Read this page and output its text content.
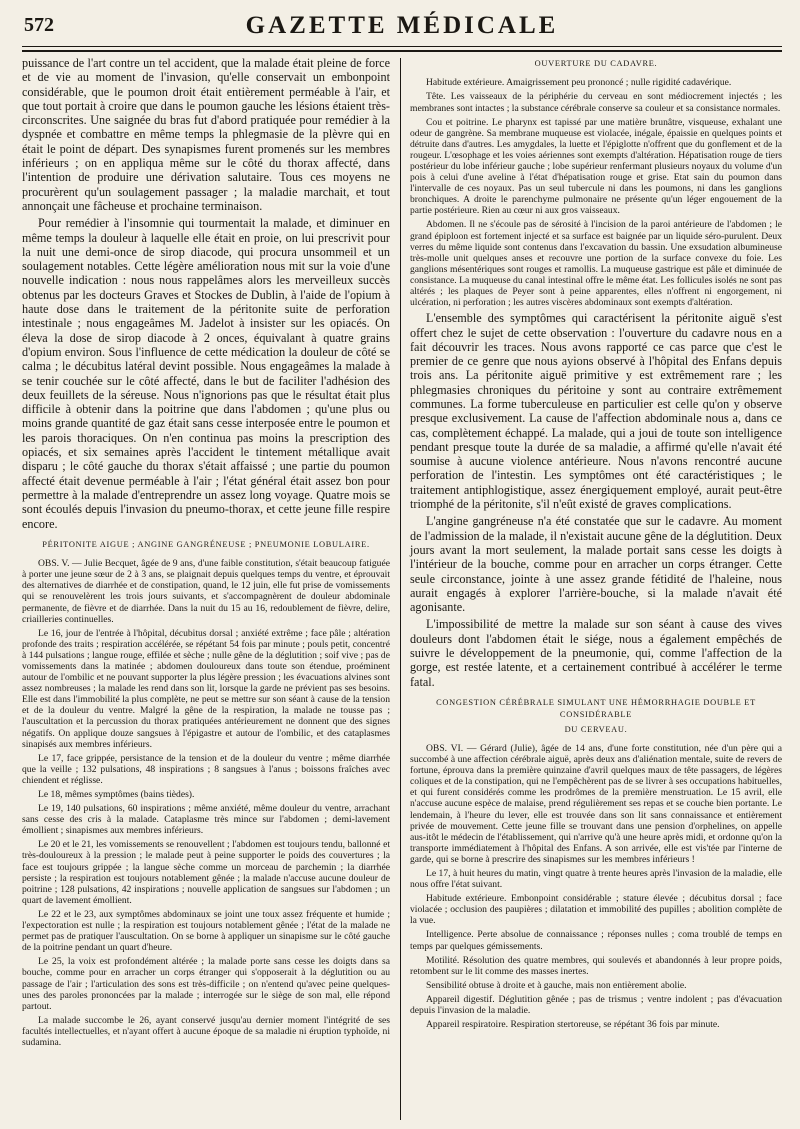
572	GAZETTE MÉDICALE

puissance de l'art contre un tel accident, que la malade était pleine de force et de vie au moment de l'invasion, qu'elle conservait un embonpoint considérable, que le poumon droit était entièrement perméable à l'air, et que tout portait à croire que dans le poumon gauche les lésions étaient très-circonscrites. Une saignée du bras fut d'abord pratiquée pour remédier à la dyspnée et combattre en même temps la phlegmasie de la plèvre qui en était le point de départ. Des synapismes furent promenés sur les membres inférieurs ; on en appliqua même sur le côté du thorax affecté, dans l'intention de produire une dérivation salutaire. Tous ces moyens ne procurèrent qu'un soulagement passager ; la maladie marchait, et tout annonçait une fâcheuse et prochaine terminaison.

Pour remédier à l'insomnie qui tourmentait la malade, et diminuer en même temps la douleur à laquelle elle était en proie, on lui prescrivit pour la nuit une demi-once de sirop diacode, qui procura unsommeil et un soulagement notables. Cette légère amélioration nous mit sur la voie d'une nouvelle indication : nous nous rappelâmes alors les merveilleux succès obtenus par les docteurs Graves et Stockes de Dublin, à l'aide de l'opium à haute dose dans le traitement de la péritonite suite de perforation intestinale ; nous engageâmes M. Jadelot à insister sur les opiacés. On éleva la dose de sirop diacode à 2 onces, équivalant à quatre grains d'opium environ. Sous l'influence de cette médication la douleur de côté se calma ; le décubitus latéral devint possible. Nous engageâmes la malade à se tenir couchée sur le côté affecté, dans le but de faciliter l'adhésion des deux feuillets de la séreuse. Nous n'ignorions pas que le résultat était plus difficile à obtenir dans la poitrine que dans l'abdomen ; qu'une plus ou moins grande quantité de gaz était sans cesse interposée entre le poumon et les parois thoraciques. On n'en continua pas moins la prescription des opiacés, et six semaines après l'accident le tintement métallique avait disparu ; le côté gauche du thorax s'était affaissé ; une partie du poumon affecté était devenue perméable à l'air ; l'état général était assez bon pour permettre à la malade d'entreprendre un assez long voyage. Quatre mois se sont écoulés depuis l'invasion du pneumo-thorax, et cette jeune fille respire encore.

PÉRITONITE AIGUE ; ANGINE GANGRÉNEUSE ; PNEUMONIE LOBULAIRE.

OBS. V. — Julie Becquet, âgée de 9 ans, d'une faible constitution, s'était beaucoup fatiguée à porter une jeune sœur de 2 à 3 ans, se plaignait depuis quelques temps du ventre, et éprouvait des alternatives de diarrhée et de constipation, quand, le 12 juin, elle fut prise de vomissements qui se renouvelèrent les trois jours suivants, et s'accompagnèrent de douleur abdominale permanente, de fièvre et de diarrhée. Dans la nuit du 15 au 16, redoublement de fièvre, delire, criailleries continuelles.

Le 16, jour de l'entrée à l'hôpital, décubitus dorsal ; anxiété extrême ; face pâle ; altération profonde des traits ; respiration accélérée, se répétant 54 fois par minute ; pouls petit, concentré à 144 pulsations ; langue rouge, effilée et sèche ; nulle gêne de la déglutition ; soif vive ; pas de vomissements dans la matinée ; abdomen douloureux dans toute son étendue, proéminent autour de l'ombilic et ne pouvant supporter la plus légère pression ; les évacuations alvines sont assez nombreuses ; la malade les rend dans son lit, lorsque la garde ne prévient pas ses besoins. Elle est dans l'immobilité la plus complète, ne peut se mettre sur son séant à cause de la tension et de la douleur du ventre. Malgré la gêne de la respiration, la malade ne tousse pas ; l'auscultation et la percussion du thorax pratiquées antérieurement ne donnent que des signes négatifs. On applique douze sangsues à l'épigastre et autour de l'ombilic, et des cataplasmes sinapisés aux membres inférieurs.

Le 17, face grippée, persistance de la tension et de la douleur du ventre ; même diarrhée que la veille ; 132 pulsations, 48 inspirations ; 8 sangsues à l'anus ; boissons fraîches avec chiendent et réglisse.

Le 18, mêmes symptômes (bains tièdes).

Le 19, 140 pulsations, 60 inspirations ; même anxiété, même douleur du ventre, arrachant sans cesse des cris à la malade. Cataplasme très mince sur l'abdomen ; demi-lavement émollient ; sinapismes aux membres inférieurs.

Le 20 et le 21, les vomissements se renouvellent ; l'abdomen est toujours tendu, ballonné et très-douloureux à la pression ; le malade peut à peine supporter le poids des couvertures ; la face est toujours grippée ; la langue sèche comme un morceau de parchemin ; la diarrhée persiste ; la respiration est toujours notablement gênée ; la malade n'accuse aucune douleur de poitrine ; 128 pulsations, 42 inspirations ; nouvelle application de sangsues sur l'abdomen ; un quart de lavement émollient.

Le 22 et le 23, aux symptômes abdominaux se joint une toux assez fréquente et humide ; l'expectoration est nulle ; la respiration est toujours notablement gênée ; l'état de la malade ne permet pas de pratiquer l'auscultation. On se borne à appliquer un sinapisme sur le côté gauche de la poitrine pendant un quart d'heure.

Le 25, la voix est profondément altérée ; la malade porte sans cesse les doigts dans sa bouche, comme pour en arracher un corps étranger qui s'opposerait à la déglutition ou au passage de l'air ; l'articulation des sons est très-difficile ; on n'entend qu'avec peine quelques-unes des paroles prononcées par la malade ; interrogée sur le siège de son mal, elle répond partout.

La malade succombe le 26, ayant conservé jusqu'au dernier moment l'intégrité de ses facultés intellectuelles, et n'ayant offert à aucune époque de sa maladie ni éruption typhoïde, ni sudamina.

OUVERTURE DU CADAVRE.

Habitude extérieure. Amaigrissement peu prononcé ; nulle rigidité cadavérique.

Tête. Les vaisseaux de la périphérie du cerveau en sont médiocrement injectés ; les membranes sont intactes ; la substance cérébrale conserve sa couleur et sa consistance normales.

Cou et poitrine. Le pharynx est tapissé par une matière brunâtre, visqueuse, exhalant une odeur de gangrène. Sa membrane muqueuse est violacée, inégale, épaissie en quelques points et détruite dans d'autres. Les amygdales, la luette et l'épiglotte n'offrent que du gonflement et de la rougeur. L'œsophage et les voies aériennes sont exempts d'altération. Hépatisation rouge de tiers postérieur du lobe inférieur gauche ; lobe supérieur renfermant plusieurs noyaux du volume d'un pois à celui d'une aveline à l'état d'hépatisation rouge et grise. Etat sain du poumon dans l'intervalle de ces noyaux. Pas un seul tubercule ni dans les poumons, ni dans les ganglions bronchiques. A droite le parenchyme pulmonaire ne présente qu'un léger engouement de la partie postérieure. Rien au cœur ni aux gros vaisseaux.

Abdomen. Il ne s'écoule pas de sérosité à l'incision de la paroi antérieure de l'abdomen ; le grand épiploon est fortement injecté et sa surface est baignée par un liquide séro-purulent. Deux verres du même liquide sont contenus dans l'excavation du bassin. Une exsudation albumineuse très-molle unit quelques anses et recouvre une portion de la surface convexe du foie. Les ganglions mésentériques sont rouges et ramollis. La muqueuse gastrique est pâle et diminuée de consistance. La muqueuse du canal intestinal offre le même état. Les follicules isolés ne sont pas altérés ; les plaques de Peyer sont à peine apparentes, elles n'offrent ni engorgement, ni ulcération, ni perforation ; les autres viscères abdominaux sont exempts d'altération.

L'ensemble des symptômes qui caractérisent la péritonite aiguë s'est offert chez le sujet de cette observation : l'ouverture du cadavre nous en a fait découvrir les traces. Nous avons rapporté ce cas parce que c'est le premier de ce genre que nous ayions observé à l'hôpital des Enfans depuis trois ans. La péritonite aiguë primitive y est extrêmement rare ; les phlegmasies chroniques du péritoine y sont au contraire extrêmement communes. La forme tuberculeuse en particulier est celle qu'on y observe presque exclusivement. La cause de l'affection abdominale nous a, dans ce cas, complètement échappé. La malade, qui a joui de toute son intelligence pendant presque toute la durée de sa maladie, a affirmé qu'elle n'avait été soumise à aucune violence antérieure. Nous n'avons rencontré aucune perforation de l'intestin. Les symptômes ont été caractéristiques ; le traitement antiphlogistique, assez énergiquement employé, aurait peut-être triomphé de la péritonite, s'il n'eût existé de graves complications.

L'angine gangréneuse n'a été constatée que sur le cadavre. Au moment de l'admission de la malade, il n'existait aucune gêne de la déglutition. Deux jours avant la mort seulement, la malade portait sans cesse les doigts à l'intérieur de la bouche, comme pour en arracher un corps étranger. Cette seule circonstance, jointe à une assez grande fétidité de l'haleine, nous aurait engagés à explorer l'arrière-bouche, si la malade n'avait été agonisante.

L'impossibilité de mettre la malade sur son séant à cause des vives douleurs dont l'abdomen était le siége, nous a également empêchés de suivre le développement de la pneumonie, qui, comme l'affection de la gorge, est restée latente, et a certainement contribué à accélérer le terme fatal.

CONGESTION CÉRÉBRALE SIMULANT UNE HÉMORRHAGIE DOUBLE ET CONSIDÉRABLE
DU CERVEAU.

OBS. VI. — Gérard (Julie), âgée de 14 ans, d'une forte constitution, née d'un père qui a succombé à une affection cérébrale aiguë, après deux ans d'aliénation mentale, suite de revers de fortune, éprouva dans la première quinzaine d'avril quelques maux de tête passagers, de légères coliques et de la constipation, qui ne l'empêchèrent pas de se livrer à ses occupations habituelles, et qui furent considérés comme les prodrômes de la première menstruation. Le 15 avril, elle n'accuse aucune espèce de malaise, prend régulièrement ses repas et se couche bien portante. Le lendemain, à l'heure du lever, elle est trouvée dans son lit sans connaissance et entièrement privée de mouvement. Cette jeune fille se trouvant dans une pension d'orphelines, on appelle aus-itôt le médecin de l'établissement, qui n'arrive qu'à une heure après midi, et ordonne qu'on la transporte immédiatement à l'hôpital des Enfans. A son arrivée, elle est vis'tée par l'interne de garde, qui se borne à prescrire des sinapismes sur les membres inférieurs !

Le 17, à huit heures du matin, vingt quatre à trente heures après l'invasion de la maladie, elle nous offre l'état suivant.

Habitude extérieure. Embonpoint considérable ; stature élevée ; décubitus dorsal ; face violacée ; occlusion des paupières ; dilatation et immobilité des pupilles ; abolition complète de la vue.

Intelligence. Perte absolue de connaissance ; réponses nulles ; coma troublé de temps en temps par quelques gémissements.

Motilité. Résolution des quatre membres, qui soulevés et abandonnés à leur propre poids, retombent sur le lit comme des masses inertes.

Sensibilité obtuse à droite et à gauche, mais non entièrement abolie.

Appareil digestif. Déglutition gênée ; pas de trismus ; ventre indolent ; pas d'évacuation depuis l'invasion de la maladie.

Appareil respiratoire. Respiration stertoreuse, se répétant 36 fois par minute.
